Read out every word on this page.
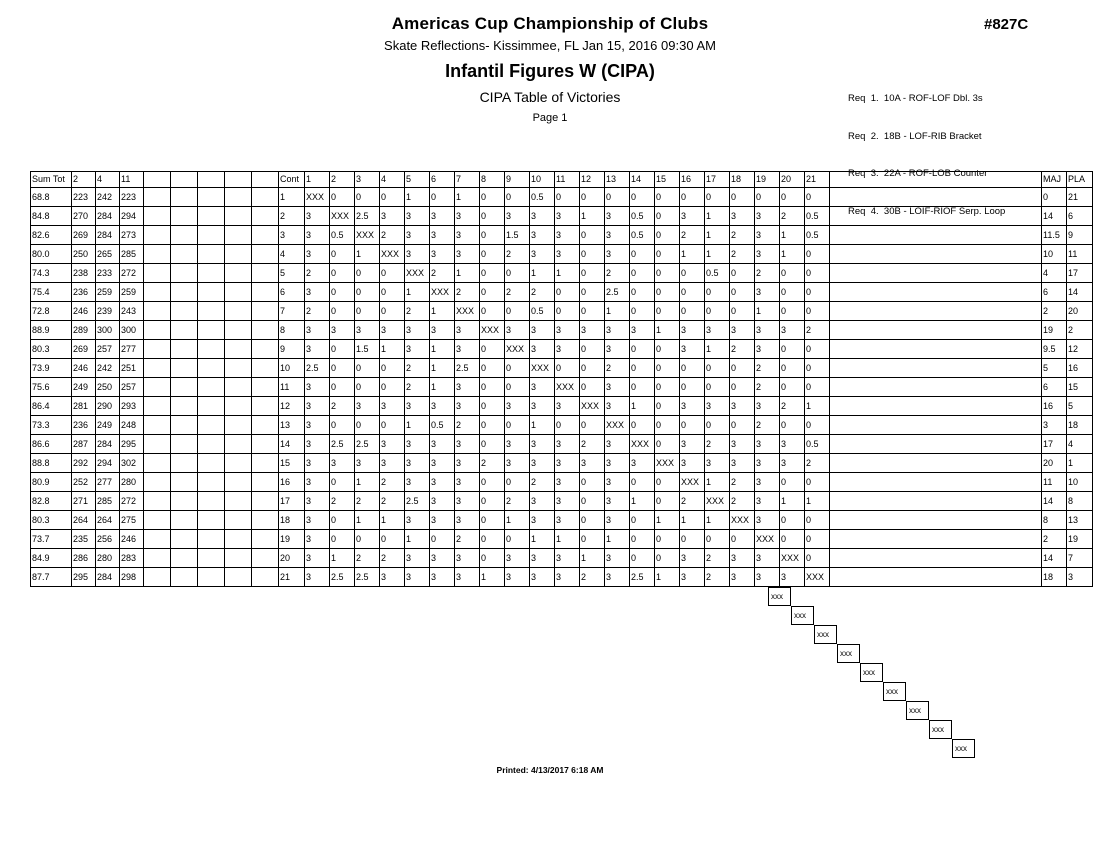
Americas Cup Championship of Clubs
Skate Reflections- Kissimmee, FL Jan 15, 2016 09:30 AM
Infantil Figures W (CIPA)
CIPA Table of Victories
Page 1
#827C

Req  1.  10A - ROF-LOF Dbl. 3s

Req  2.  18B - LOF-RIB Bracket

Req  3.  22A - ROF-LOB Counter

Req  4.  30B - LOIF-RIOF Serp. Loop

Sum Tot	2	4	11						Cont	1	2	3	4	5	6	7	8	9	10	11	12	13	14	15	16	17	18	19	20	21		MAJ	PLA
68.8	223	242	223						1	XXX	0	0	0	1	0	1	0	0	0.5	0	0	0	0	0	0	0	0	0	0	0		0	21
84.8	270	284	294						2	3	XXX	2.5	3	3	3	3	0	3	3	3	1	3	0.5	0	3	1	3	3	2	0.5		14	6
82.6	269	284	273						3	3	0.5	XXX	2	3	3	3	0	1.5	3	3	0	3	0.5	0	2	1	2	3	1	0.5		11.5	9
80.0	250	265	285						4	3	0	1	XXX	3	3	3	0	2	3	3	0	3	0	0	1	1	2	3	1	0		10	11
74.3	238	233	272						5	2	0	0	0	XXX	2	1	0	0	1	1	0	2	0	0	0	0.5	0	2	0	0		4	17
75.4	236	259	259						6	3	0	0	0	1	XXX	2	0	2	2	0	0	2.5	0	0	0	0	0	3	0	0		6	14
72.8	246	239	243						7	2	0	0	0	2	1	XXX	0	0	0.5	0	0	1	0	0	0	0	0	1	0	0		2	20
88.9	289	300	300						8	3	3	3	3	3	3	3	XXX	3	3	3	3	3	3	1	3	3	3	3	3	2		19	2
80.3	269	257	277						9	3	0	1.5	1	3	1	3	0	XXX	3	3	0	3	0	0	3	1	2	3	0	0		9.5	12
73.9	246	242	251						10	2.5	0	0	0	2	1	2.5	0	0	XXX	0	0	2	0	0	0	0	0	2	0	0		5	16
75.6	249	250	257						11	3	0	0	0	2	1	3	0	0	3	XXX	0	3	0	0	0	0	0	2	0	0		6	15
86.4	281	290	293						12	3	2	3	3	3	3	3	0	3	3	3	XXX	3	1	0	3	3	3	3	2	1		16	5
73.3	236	249	248						13	3	0	0	0	1	0.5	2	0	0	1	0	0	XXX	0	0	0	0	0	2	0	0		3	18
86.6	287	284	295						14	3	2.5	2.5	3	3	3	3	0	3	3	3	2	3	XXX	0	3	2	3	3	3	0.5		17	4
88.8	292	294	302						15	3	3	3	3	3	3	3	2	3	3	3	3	3	3	XXX	3	3	3	3	3	2		20	1
80.9	252	277	280						16	3	0	1	2	3	3	3	0	0	2	3	0	3	0	0	XXX	1	2	3	0	0		11	10
82.8	271	285	272						17	3	2	2	2	2.5	3	3	0	2	3	3	0	3	1	0	2	XXX	2	3	1	1		14	8
80.3	264	264	275						18	3	0	1	1	3	3	3	0	1	3	3	0	3	0	1	1	1	XXX	3	0	0		8	13
73.7	235	256	246						19	3	0	0	0	1	0	2	0	0	1	1	0	1	0	0	0	0	0	XXX	0	0		2	19
84.9	286	280	283						20	3	1	2	2	3	3	3	0	3	3	3	1	3	0	0	3	2	3	3	XXX	0		14	7
87.7	295	284	298						21	3	2.5	2.5	3	3	3	3	1	3	3	3	2	3	2.5	1	3	2	3	3	3	XXX		18	3
xxx
xxx
xxx
xxx
xxx
xxx
xxx
xxx
xxx
Printed: 4/13/2017 6:18 AM
